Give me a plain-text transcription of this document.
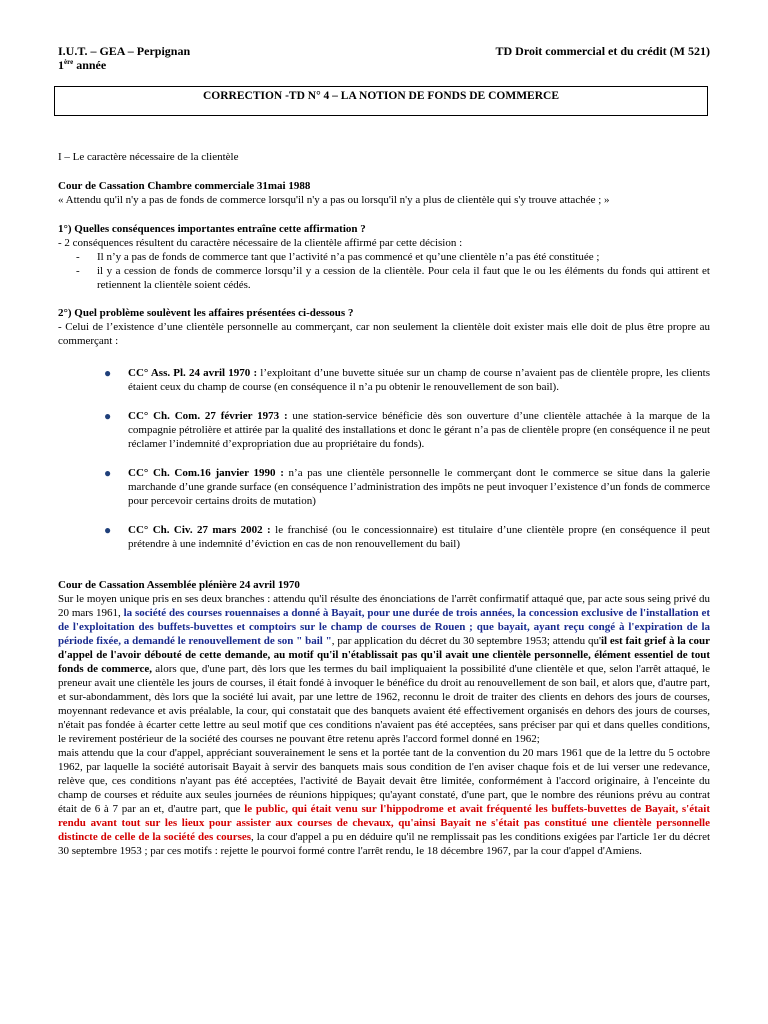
I.U.T. – GEA – Perpignan
1ère année
TD Droit commercial et du crédit (M 521)
CORRECTION -TD N° 4 – LA NOTION DE FONDS DE COMMERCE

I – Le caractère nécessaire de la clientèle

Cour de Cassation Chambre commerciale 31mai 1988

« Attendu qu'il n'y a pas de fonds de commerce lorsqu'il n'y a pas ou lorsqu'il n'y a plus de clientèle qui s'y trouve attachée ; »

1°) Quelles conséquences importantes entraîne cette affirmation ?

- 2 conséquences résultent du caractère nécessaire de la clientèle affirmé par cette décision :

- Il n’y a pas de fonds de commerce tant que l’activité n’a pas commencé et qu’une clientèle n’a pas été constituée ;
- il y a cession de fonds de commerce lorsqu’il y a cession de la clientèle. Pour cela il faut que le ou les éléments du fonds qui attirent et retiennent la clientèle soient cédés.

2°) Quel problème soulèvent les affaires présentées ci-dessous ?

- Celui de l’existence d’une clientèle personnelle au commerçant, car non seulement la clientèle doit exister mais elle doit de plus être propre au commerçant :

● CC° Ass. Pl. 24 avril 1970 : l’exploitant d’une buvette située sur un champ de course n’avaient pas de clientèle propre, les clients étaient ceux du champ de course (en conséquence il n’a pu obtenir le renouvellement de son bail).
● CC° Ch. Com. 27 février 1973 : une station-service bénéficie dès son ouverture d’une clientèle attachée à la marque de la compagnie pétrolière et attirée par la qualité des installations et donc le gérant n’a pas de clientèle propre (en conséquence il ne peut réclamer l’indemnité d’expropriation due au propriétaire du fonds).
● CC° Ch. Com.16 janvier 1990 : n’a pas une clientèle personnelle le commerçant dont le commerce se situe dans la galerie marchande d’une grande surface (en conséquence l’administration des impôts ne peut invoquer l’existence d’un fonds de commerce pour percevoir certains droits de mutation)
● CC° Ch. Civ. 27 mars 2002 : le franchisé (ou le concessionnaire) est titulaire d’une clientèle propre (en conséquence il peut prétendre à une indemnité d’éviction en cas de non renouvellement du bail)

Cour de Cassation Assemblée plénière 24 avril 1970

Sur le moyen unique pris en ses deux branches : attendu qu'il résulte des énonciations de l'arrêt confirmatif attaqué que, par acte sous seing privé du 20 mars 1961, la société des courses rouennaises a donné à Bayait, pour une durée de trois années, la concession exclusive de l'installation et de l'exploitation des buffets-buvettes et comptoirs sur le champ de courses de Rouen ; que bayait, ayant reçu congé à l'expiration de la période fixée, a demandé le renouvellement de son " bail ", par application du décret du 30 septembre 1953; attendu qu'il est fait grief à la cour d'appel de l'avoir débouté de cette demande, au motif qu'il n'établissait pas qu'il avait une clientèle personnelle, élément essentiel de tout fonds de commerce, alors que, d'une part, dès lors que les termes du bail impliquaient la possibilité d'une clientèle et que, selon l'arrêt attaqué, le preneur avait une clientèle les jours de courses, il était fondé à invoquer le bénéfice du droit au renouvellement de son bail, et alors que, d'autre part, et sur-abondamment, dès lors que la société lui avait, par une lettre de 1962, reconnu le droit de traiter des clients en dehors des jours de courses, moyennant redevance et avis préalable, la cour, qui constatait que des banquets avaient été effectivement organisés en dehors des jours de courses, n'était pas fondée à écarter cette lettre au seul motif que ces conditions n'avaient pas été acceptées, sans préciser par qui et dans quelles conditions, le revirement postérieur de la société des courses ne pouvant être retenu après l'accord formel donné en 1962;

mais attendu que la cour d'appel, appréciant souverainement le sens et la portée tant de la convention du 20 mars 1961 que de la lettre du 5 octobre 1962, par laquelle la société autorisait Bayait à servir des banquets mais sous condition de l'en aviser chaque fois et de lui verser une redevance, relève que, ces conditions n'ayant pas été acceptées, l'activité de Bayait devait être limitée, conformément à l'accord originaire, à l'enceinte du champ de courses et réduite aux seules journées de réunions hippiques; qu'ayant constaté, d'une part, que le nombre des réunions prévu au contrat était de 6 à 7 par an et, d'autre part, que le public, qui était venu sur l'hippodrome et avait fréquenté les buffets-buvettes de Bayait, s'était rendu avant tout sur les lieux pour assister aux courses de chevaux, qu'ainsi Bayait ne s'était pas constitué une clientèle personnelle distincte de celle de la société des courses, la cour d'appel a pu en déduire qu'il ne remplissait pas les conditions exigées par l'article 1er du décret 30 septembre 1953 ; par ces motifs : rejette le pourvoi formé contre l'arrêt rendu, le 18 décembre 1967, par la cour d'appel d'Amiens.
